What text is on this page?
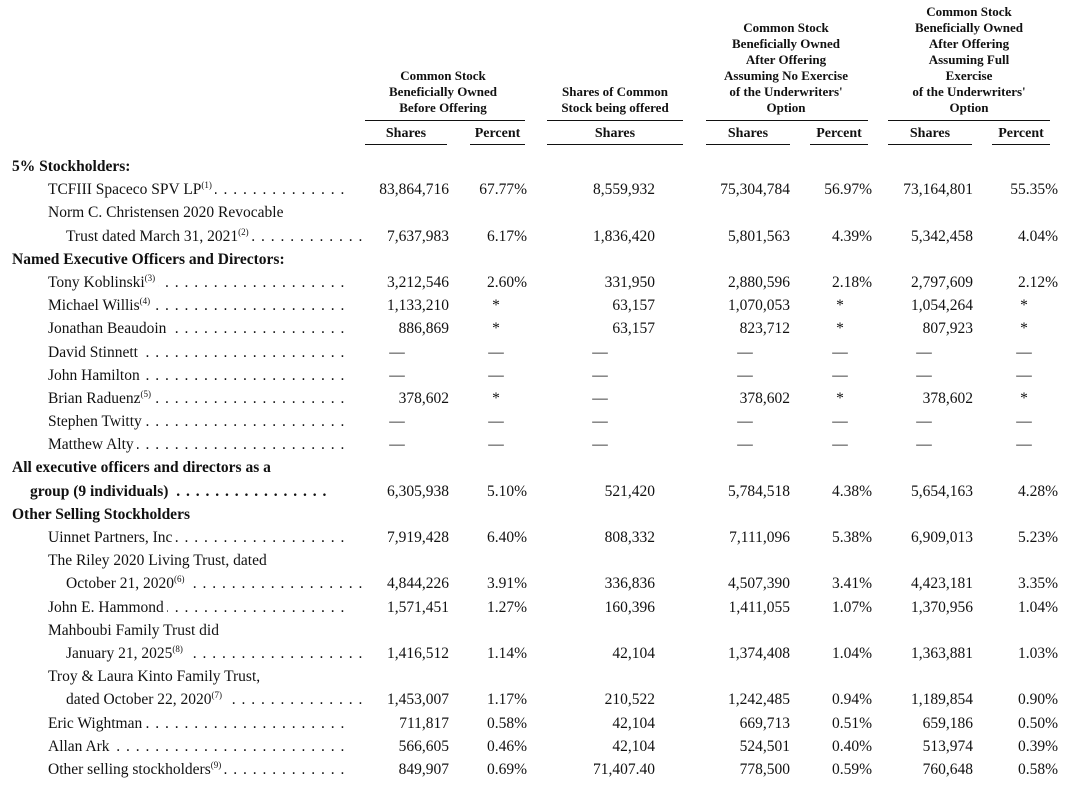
Common Stock
Beneficially Owned
Before Offering
Shares of Common
Stock being offered
Common Stock
Beneficially Owned
After Offering
Assuming No Exercise
of the Underwriters'
Option
Common Stock
Beneficially Owned
After Offering
Assuming Full
Exercise
of the Underwriters'
Option
Shares	Percent	Shares	Shares	Percent	Shares	Percent
5% Stockholders:
TCFIII Spaceco SPV LP$^{(1)}$ . . .	83,864,716	67.77%	8,559,932	75,304,784	56.97%	73,164,801	55.35%
Norm C. Christensen 2020 Revocable
Trust dated March 31, 2021$^{(2)}$ . . .	7,637,983	6.17%	1,836,420	5,801,563	4.39%	5,342,458	4.04%
Named Executive Officers and Directors:
Tony Koblinski$^{(3)}$ . . .	3,212,546	2.60%	331,950	2,880,596	2.18%	2,797,609	2.12%
Michael Willis$^{(4)}$ . . .	1,133,210	*	63,157	1,070,053	*	1,054,264	*
Jonathan Beaudoin . . .	886,869	*	63,157	823,712	*	807,923	*
David Stinnett . . .	—	—	—	—	—	—	—
John Hamilton . . .	—	—	—	—	—	—	—
Brian Raduenz$^{(5)}$ . . .	378,602	*	—	378,602	*	378,602	*
Stephen Twitty . . .	—	—	—	—	—	—	—
Matthew Alty . . .	—	—	—	—	—	—	—
All executive officers and directors as a
group (9 individuals) . . .	6,305,938	5.10%	521,420	5,784,518	4.38%	5,654,163	4.28%
Other Selling Stockholders
Uinnet Partners, Inc . . .	7,919,428	6.40%	808,332	7,111,096	5.38%	6,909,013	5.23%
The Riley 2020 Living Trust, dated
October 21, 2020$^{(6)}$ . . .	4,844,226	3.91%	336,836	4,507,390	3.41%	4,423,181	3.35%
John E. Hammond . . .	1,571,451	1.27%	160,396	1,411,055	1.07%	1,370,956	1.04%
Mahboubi Family Trust did
January 21, 2025$^{(8)}$ . . .	1,416,512	1.14%	42,104	1,374,408	1.04%	1,363,881	1.03%
Troy & Laura Kinto Family Trust,
dated October 22, 2020$^{(7)}$ . . .	1,453,007	1.17%	210,522	1,242,485	0.94%	1,189,854	0.90%
Eric Wightman . . .	711,817	0.58%	42,104	669,713	0.51%	659,186	0.50%
Allan Ark . . .	566,605	0.46%	42,104	524,501	0.40%	513,974	0.39%
Other selling stockholders$^{(9)}$ . . .	849,907	0.69%	71,407.40	778,500	0.59%	760,648	0.58%
